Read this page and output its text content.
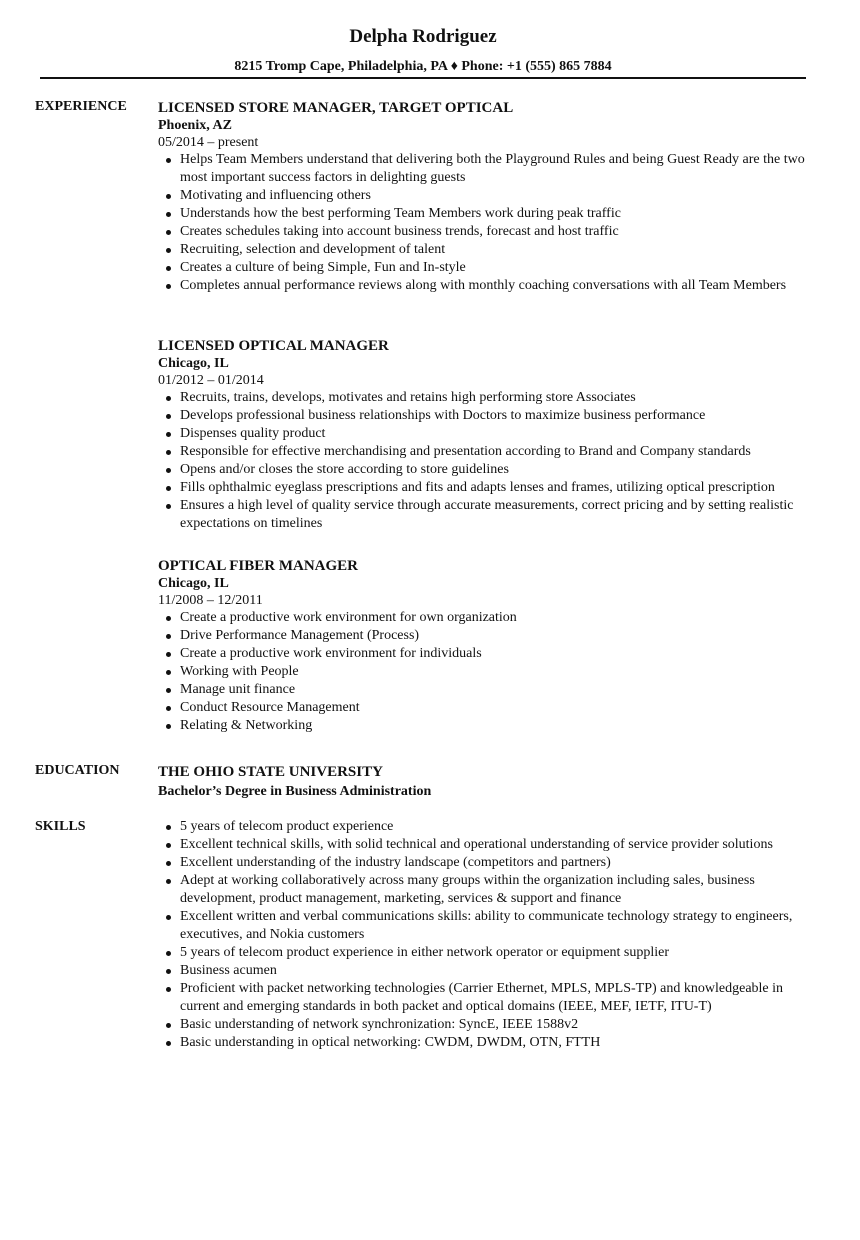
Delpha Rodriguez
8215 Tromp Cape, Philadelphia, PA ♦ Phone: +1 (555) 865 7884
EXPERIENCE LICENSED STORE MANAGER, TARGET OPTICAL
Phoenix, AZ
05/2014 – present
Helps Team Members understand that delivering both the Playground Rules and being Guest Ready are the two most important success factors in delighting guests
Motivating and influencing others
Understands how the best performing Team Members work during peak traffic
Creates schedules taking into account business trends, forecast and host traffic
Recruiting, selection and development of talent
Creates a culture of being Simple, Fun and In-style
Completes annual performance reviews along with monthly coaching conversations with all Team Members
LICENSED OPTICAL MANAGER
Chicago, IL
01/2012 – 01/2014
Recruits, trains, develops, motivates and retains high performing store Associates
Develops professional business relationships with Doctors to maximize business performance
Dispenses quality product
Responsible for effective merchandising and presentation according to Brand and Company standards
Opens and/or closes the store according to store guidelines
Fills ophthalmic eyeglass prescriptions and fits and adapts lenses and frames, utilizing optical prescription
Ensures a high level of quality service through accurate measurements, correct pricing and by setting realistic expectations on timelines
OPTICAL FIBER MANAGER
Chicago, IL
11/2008 – 12/2011
Create a productive work environment for own organization
Drive Performance Management (Process)
Create a productive work environment for individuals
Working with People
Manage unit finance
Conduct Resource Management
Relating & Networking
EDUCATION	THE OHIO STATE UNIVERSITY
Bachelor’s Degree in Business Administration
SKILLS	5 years of telecom product experience
Excellent technical skills, with solid technical and operational understanding of service provider solutions
Excellent understanding of the industry landscape (competitors and partners)
Adept at working collaboratively across many groups within the organization including sales, business development, product management, marketing, services & support and finance
Excellent written and verbal communications skills: ability to communicate technology strategy to engineers, executives, and Nokia customers
5 years of telecom product experience in either network operator or equipment supplier
Business acumen
Proficient with packet networking technologies (Carrier Ethernet, MPLS, MPLS-TP) and knowledgeable in current and emerging standards in both packet and optical domains (IEEE, MEF, IETF, ITU-T)
Basic understanding of network synchronization: SyncE, IEEE 1588v2
Basic understanding in optical networking: CWDM, DWDM, OTN, FTTH
